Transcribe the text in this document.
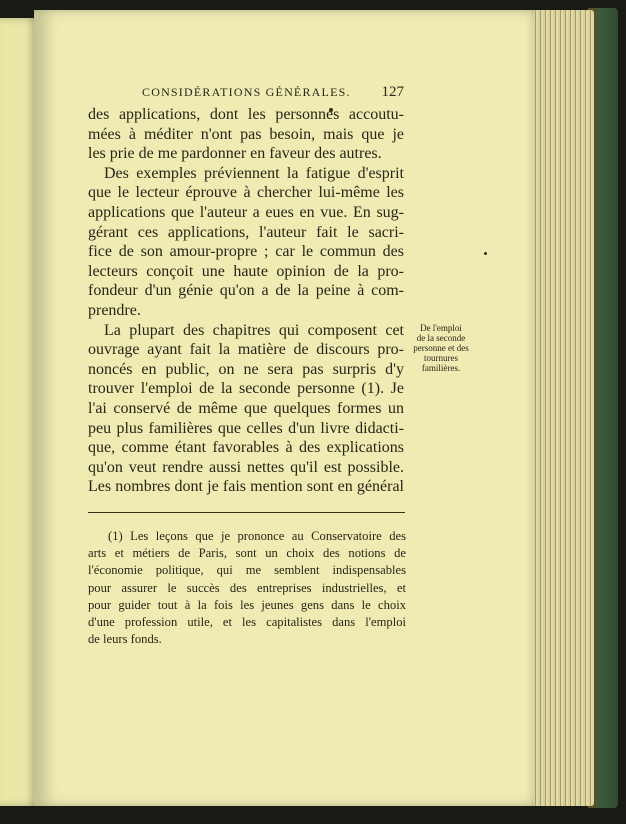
CONSIDÉRATIONS GÉNÉRALES. 127
des applications, dont les personnes accoutu-
mées à méditer n'ont pas besoin, mais que je
les prie de me pardonner en faveur des autres.
Des exemples préviennent la fatigue d'esprit
que le lecteur éprouve à chercher lui-même les
applications que l'auteur a eues en vue. En sug-
gérant ces applications, l'auteur fait le sacri-
fice de son amour-propre ; car le commun des
lecteurs conçoit une haute opinion de la pro-
fondeur d'un génie qu'on a de la peine à com-
prendre.
La plupart des chapitres qui composent cet
ouvrage ayant fait la matière de discours pro-
noncés en public, on ne sera pas surpris d'y
trouver l'emploi de la seconde personne (1). Je
l'ai conservé de même que quelques formes un
peu plus familières que celles d'un livre didacti-
que, comme étant favorables à des explications
qu'on veut rendre aussi nettes qu'il est possible.
Les nombres dont je fais mention sont en général
De l'emploi
de la seconde
personne et des
tournures
familières.
(1) Les leçons que je prononce au Conservatoire des
arts et métiers de Paris, sont un choix des notions de
l'économie politique, qui me semblent indispensables
pour assurer le succès des entreprises industrielles, et
pour guider tout à la fois les jeunes gens dans le choix
d'une profession utile, et les capitalistes dans l'emploi
de leurs fonds.
